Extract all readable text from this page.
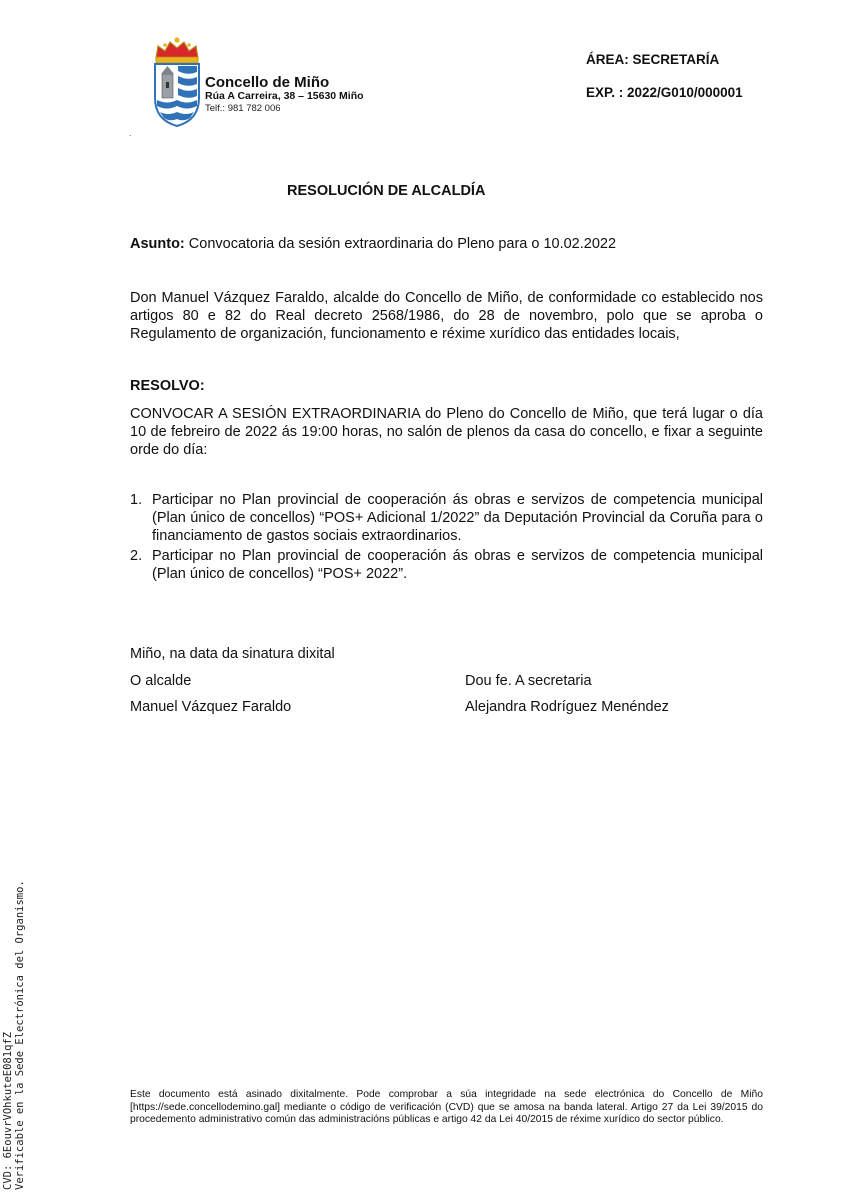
Concello de Miño
Rúa A Carreira, 38 – 15630 Miño
Telf.: 981 782 006
.
ÁREA: SECRETARÍA
EXP. : 2022/G010/000001
RESOLUCIÓN DE ALCALDÍA
Asunto: Convocatoria da sesión extraordinaria do Pleno para o 10.02.2022
Don Manuel Vázquez Faraldo, alcalde do Concello de Miño, de conformidade co establecido nos artigos 80 e 82 do Real decreto 2568/1986, do 28 de novembro, polo que se aproba o Regulamento de organización, funcionamento e réxime xurídico das entidades locais,
RESOLVO:
CONVOCAR A SESIÓN EXTRAORDINARIA do Pleno do Concello de Miño, que terá lugar o día 10 de febreiro de 2022 ás 19:00 horas, no salón de plenos da casa do concello, e fixar a seguinte orde do día:
1. Participar no Plan provincial de cooperación ás obras e servizos de competencia municipal (Plan único de concellos) “POS+ Adicional 1/2022” da Deputación Provincial da Coruña para o financiamento de gastos sociais extraordinarios.
2. Participar no Plan provincial de cooperación ás obras e servizos de competencia municipal (Plan único de concellos) “POS+ 2022”.
Miño, na data da sinatura dixital
O alcalde
Manuel Vázquez Faraldo
Dou fe. A secretaria
Alejandra Rodríguez Menéndez
Este documento está asinado dixitalmente. Pode comprobar a súa integridade na sede electrónica do Concello de Miño [https://sede.concellodemino.gal] mediante o código de verificación (CVD) que se amosa na banda lateral. Artigo 27 da Lei 39/2015 do procedemento administrativo común das administracións públicas e artigo 42 da Lei 40/2015 de réxime xurídico do sector público.
CVD: 6EouvrVOhkuteE081qfZ Verificable en la Sede Electrónica del Organismo.
